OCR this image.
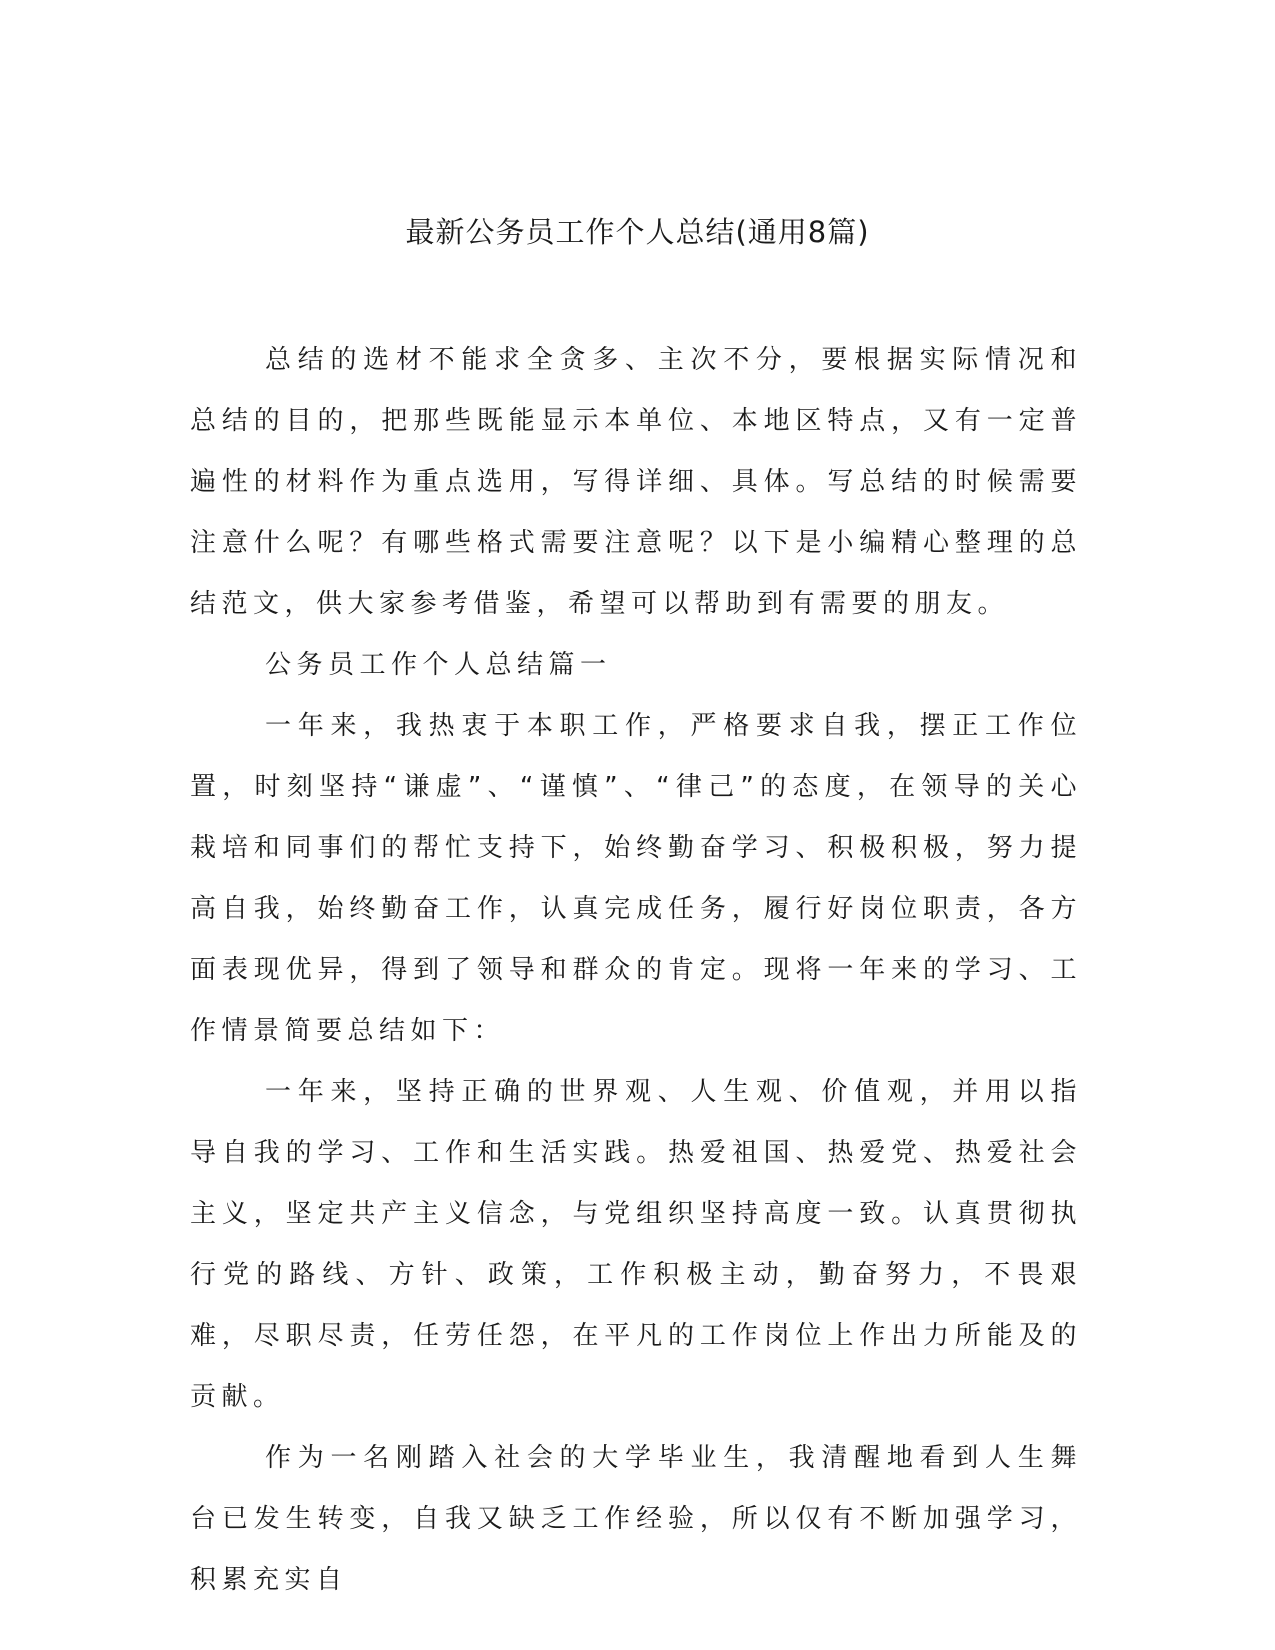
最新公务员工作个人总结(通用8篇)

总结的选材不能求全贪多、主次不分，要根据实际情况和总结的目的，把那些既能显示本单位、本地区特点，又有一定普遍性的材料作为重点选用，写得详细、具体。写总结的时候需要注意什么呢？有哪些格式需要注意呢？以下是小编精心整理的总结范文，供大家参考借鉴，希望可以帮助到有需要的朋友。

公务员工作个人总结篇一

一年来，我热衷于本职工作，严格要求自我，摆正工作位置，时刻坚持“谦虚”、“谨慎”、“律己”的态度，在领导的关心栽培和同事们的帮忙支持下，始终勤奋学习、积极积极，努力提高自我，始终勤奋工作，认真完成任务，履行好岗位职责，各方面表现优异，得到了领导和群众的肯定。现将一年来的学习、工作情景简要总结如下：

一年来，坚持正确的世界观、人生观、价值观，并用以指导自我的学习、工作和生活实践。热爱祖国、热爱党、热爱社会主义，坚定共产主义信念，与党组织坚持高度一致。认真贯彻执行党的路线、方针、政策，工作积极主动，勤奋努力，不畏艰难，尽职尽责，任劳任怨，在平凡的工作岗位上作出力所能及的贡献。

作为一名刚踏入社会的大学毕业生，我清醒地看到人生舞台已发生转变，自我又缺乏工作经验，所以仅有不断加强学习，积累充实自
